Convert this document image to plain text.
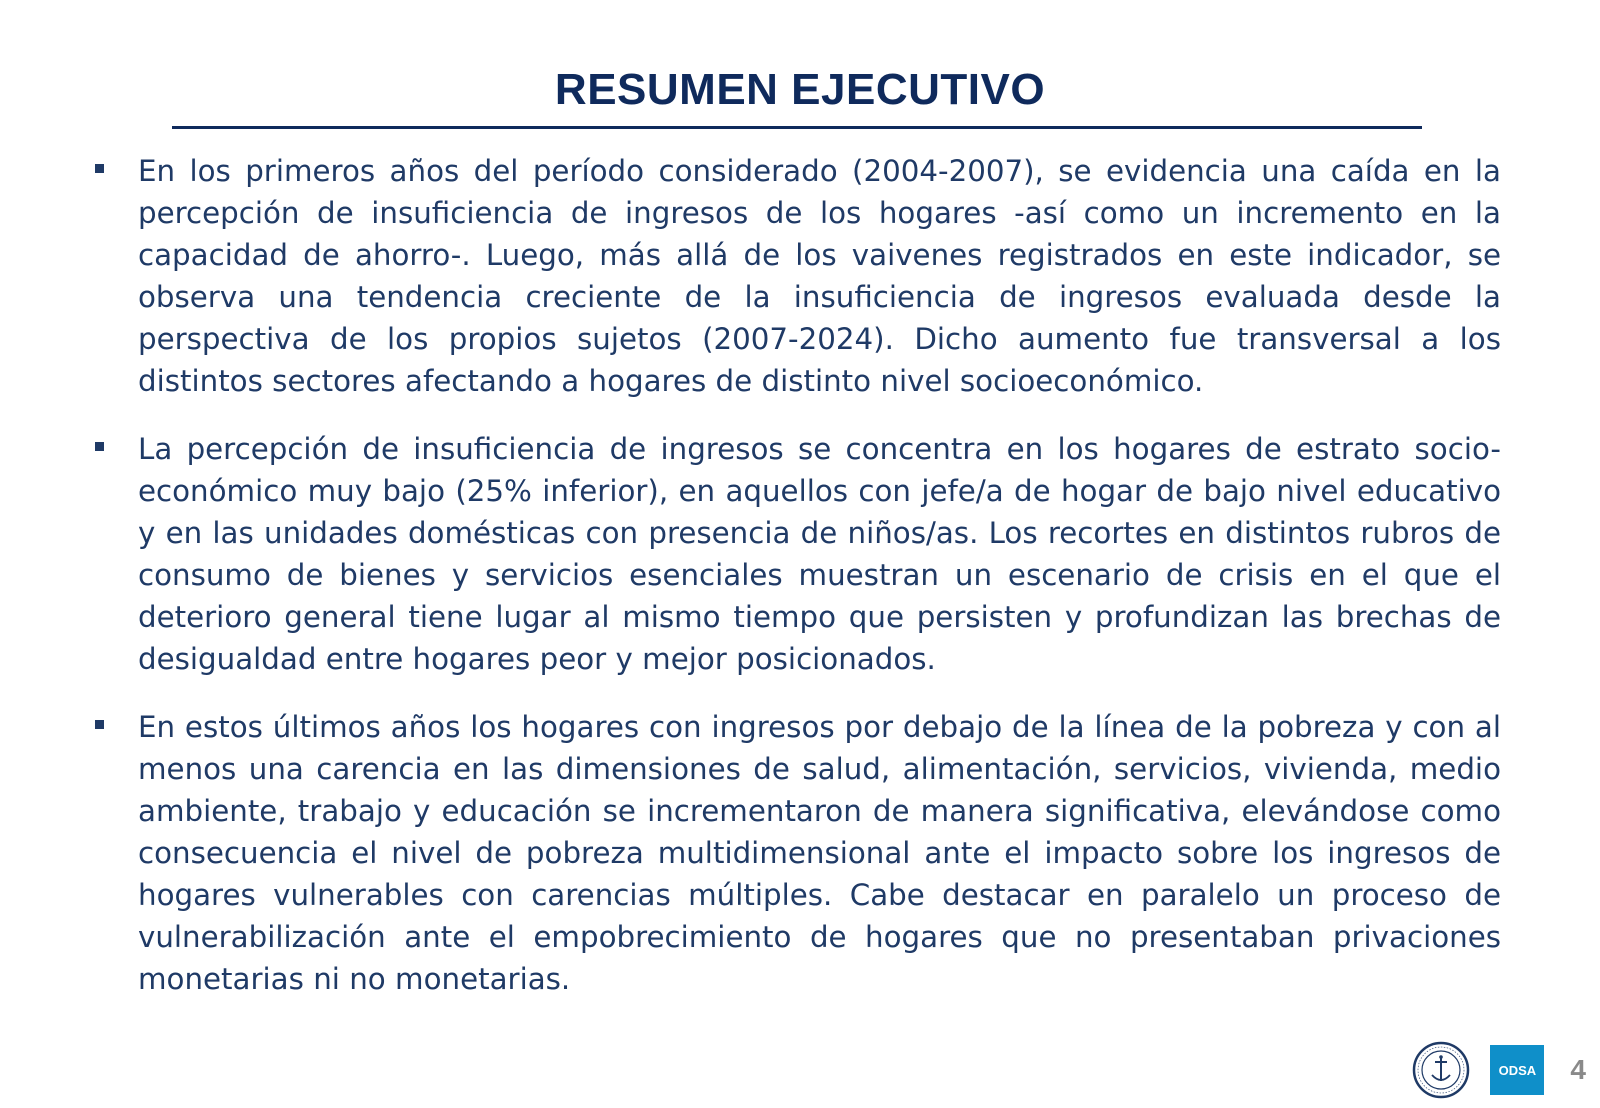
RESUMEN EJECUTIVO

En los primeros años del período considerado (2004-2007), se evidencia una caída en la percepción de insuficiencia de ingresos de los hogares -así como un incremento en la capacidad de ahorro-. Luego, más allá de los vaivenes registrados en este indicador, se observa una tendencia creciente de la insuficiencia de ingresos evaluada desde la perspectiva de los propios sujetos (2007-2024). Dicho aumento fue transversal a los distintos sectores afectando a hogares de distinto nivel socioeconómico.

La percepción de insuficiencia de ingresos se concentra en los hogares de estrato socio-económico muy bajo (25% inferior), en aquellos con jefe/a de hogar de bajo nivel educativo y en las unidades domésticas con presencia de niños/as. Los recortes en distintos rubros de consumo de bienes y servicios esenciales muestran un escenario de crisis en el que el deterioro general tiene lugar al mismo tiempo que persisten y profundizan las brechas de desigualdad entre hogares peor y mejor posicionados.

En estos últimos años los hogares con ingresos por debajo de la línea de la pobreza y con al menos una carencia en las dimensiones de salud, alimentación, servicios, vivienda, medio ambiente, trabajo y educación se incrementaron de manera significativa, elevándose como consecuencia el nivel de pobreza multidimensional ante el impacto sobre los ingresos de hogares vulnerables con carencias múltiples. Cabe destacar en paralelo un proceso de vulnerabilización ante el empobrecimiento de hogares que no presentaban privaciones monetarias ni no monetarias.

ODSA 4
